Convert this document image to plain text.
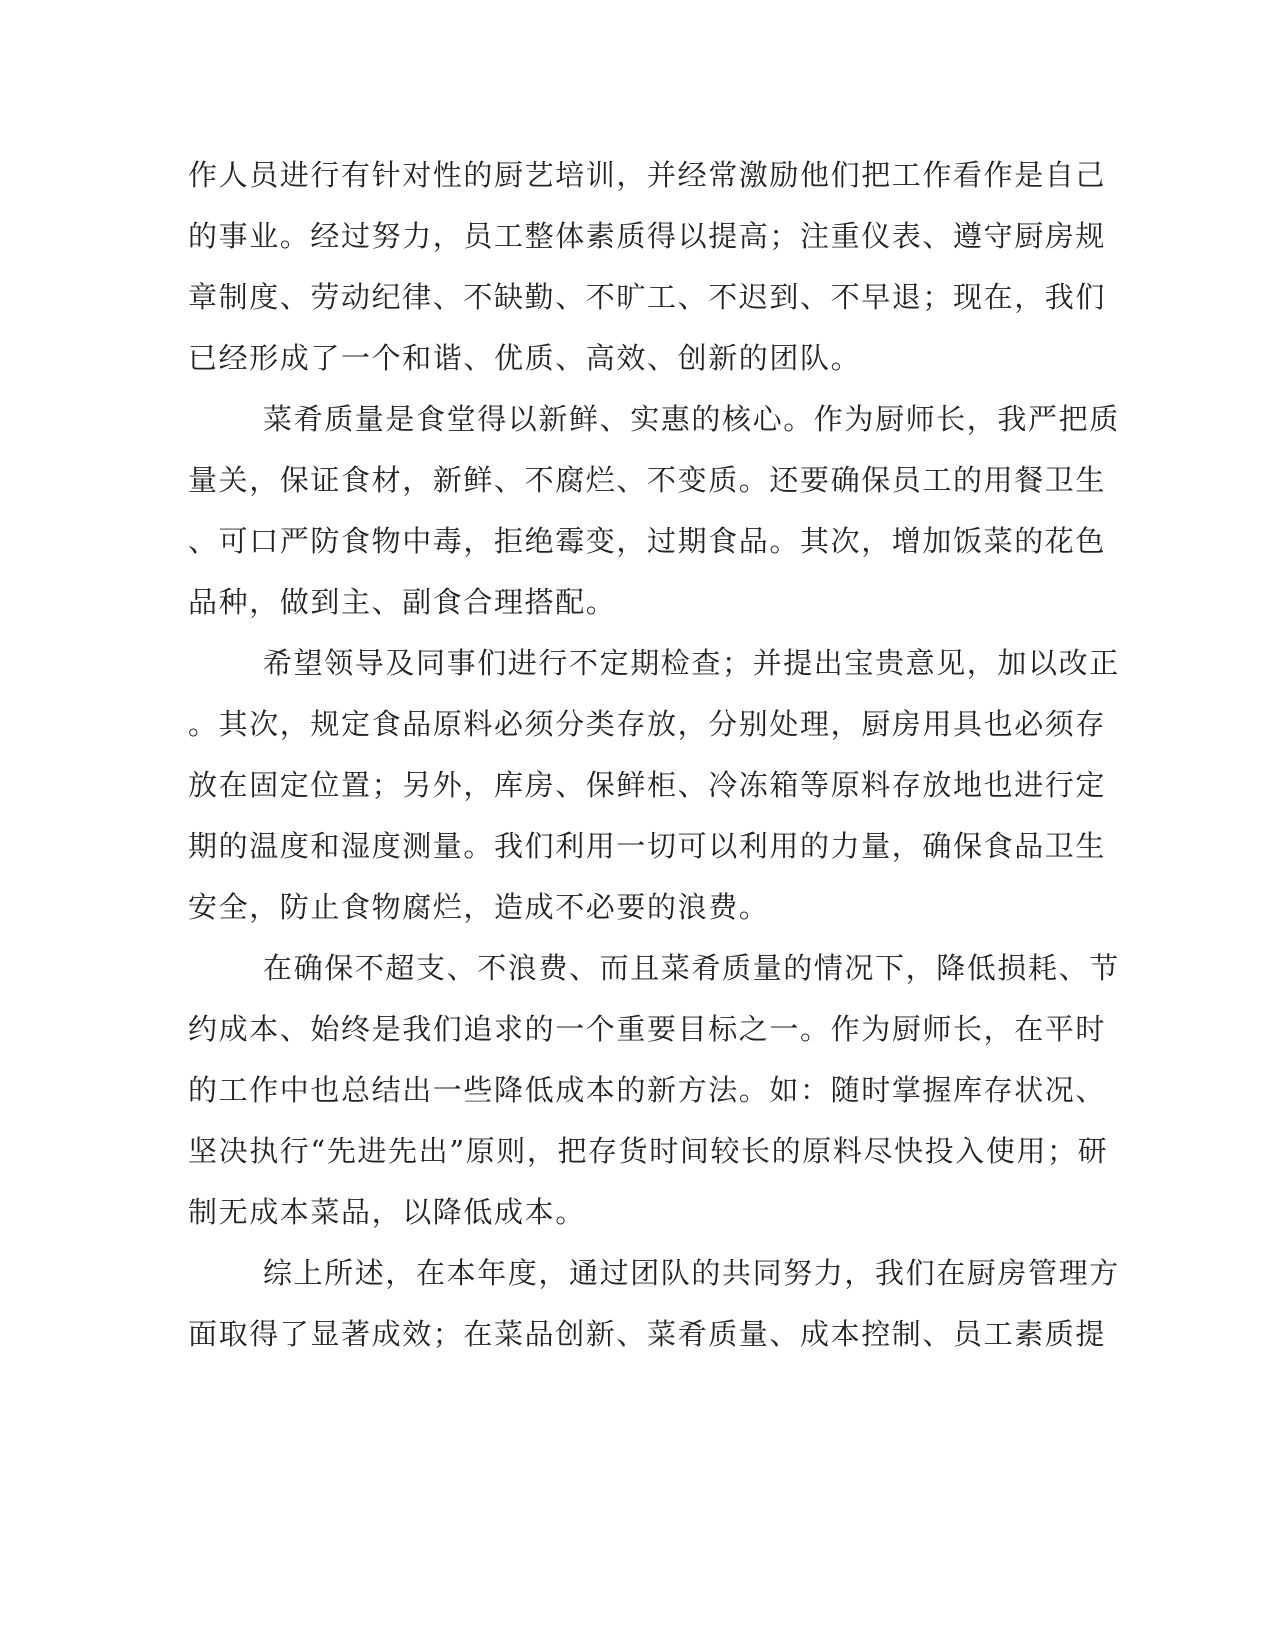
作人员进行有针对性的厨艺培训，并经常激励他们把工作看作是自己
的事业。经过努力，员工整体素质得以提高；注重仪表、遵守厨房规
章制度、劳动纪律、不缺勤、不旷工、不迟到、不早退；现在，我们
已经形成了一个和谐、优质、高效、创新的团队。
菜肴质量是食堂得以新鲜、实惠的核心。作为厨师长，我严把质
量关，保证食材，新鲜、不腐烂、不变质。还要确保员工的用餐卫生
、可口严防食物中毒，拒绝霉变，过期食品。其次，增加饭菜的花色
品种，做到主、副食合理搭配。
希望领导及同事们进行不定期检查；并提出宝贵意见，加以改正
。其次，规定食品原料必须分类存放，分别处理，厨房用具也必须存
放在固定位置；另外，库房、保鲜柜、冷冻箱等原料存放地也进行定
期的温度和湿度测量。我们利用一切可以利用的力量，确保食品卫生
安全，防止食物腐烂，造成不必要的浪费。
在确保不超支、不浪费、而且菜肴质量的情况下，降低损耗、节
约成本、始终是我们追求的一个重要目标之一。作为厨师长，在平时
的工作中也总结出一些降低成本的新方法。如：随时掌握库存状况、
坚决执行“先进先出”原则，把存货时间较长的原料尽快投入使用；研
制无成本菜品，以降低成本。
综上所述，在本年度，通过团队的共同努力，我们在厨房管理方
面取得了显著成效；在菜品创新、菜肴质量、成本控制、员工素质提
